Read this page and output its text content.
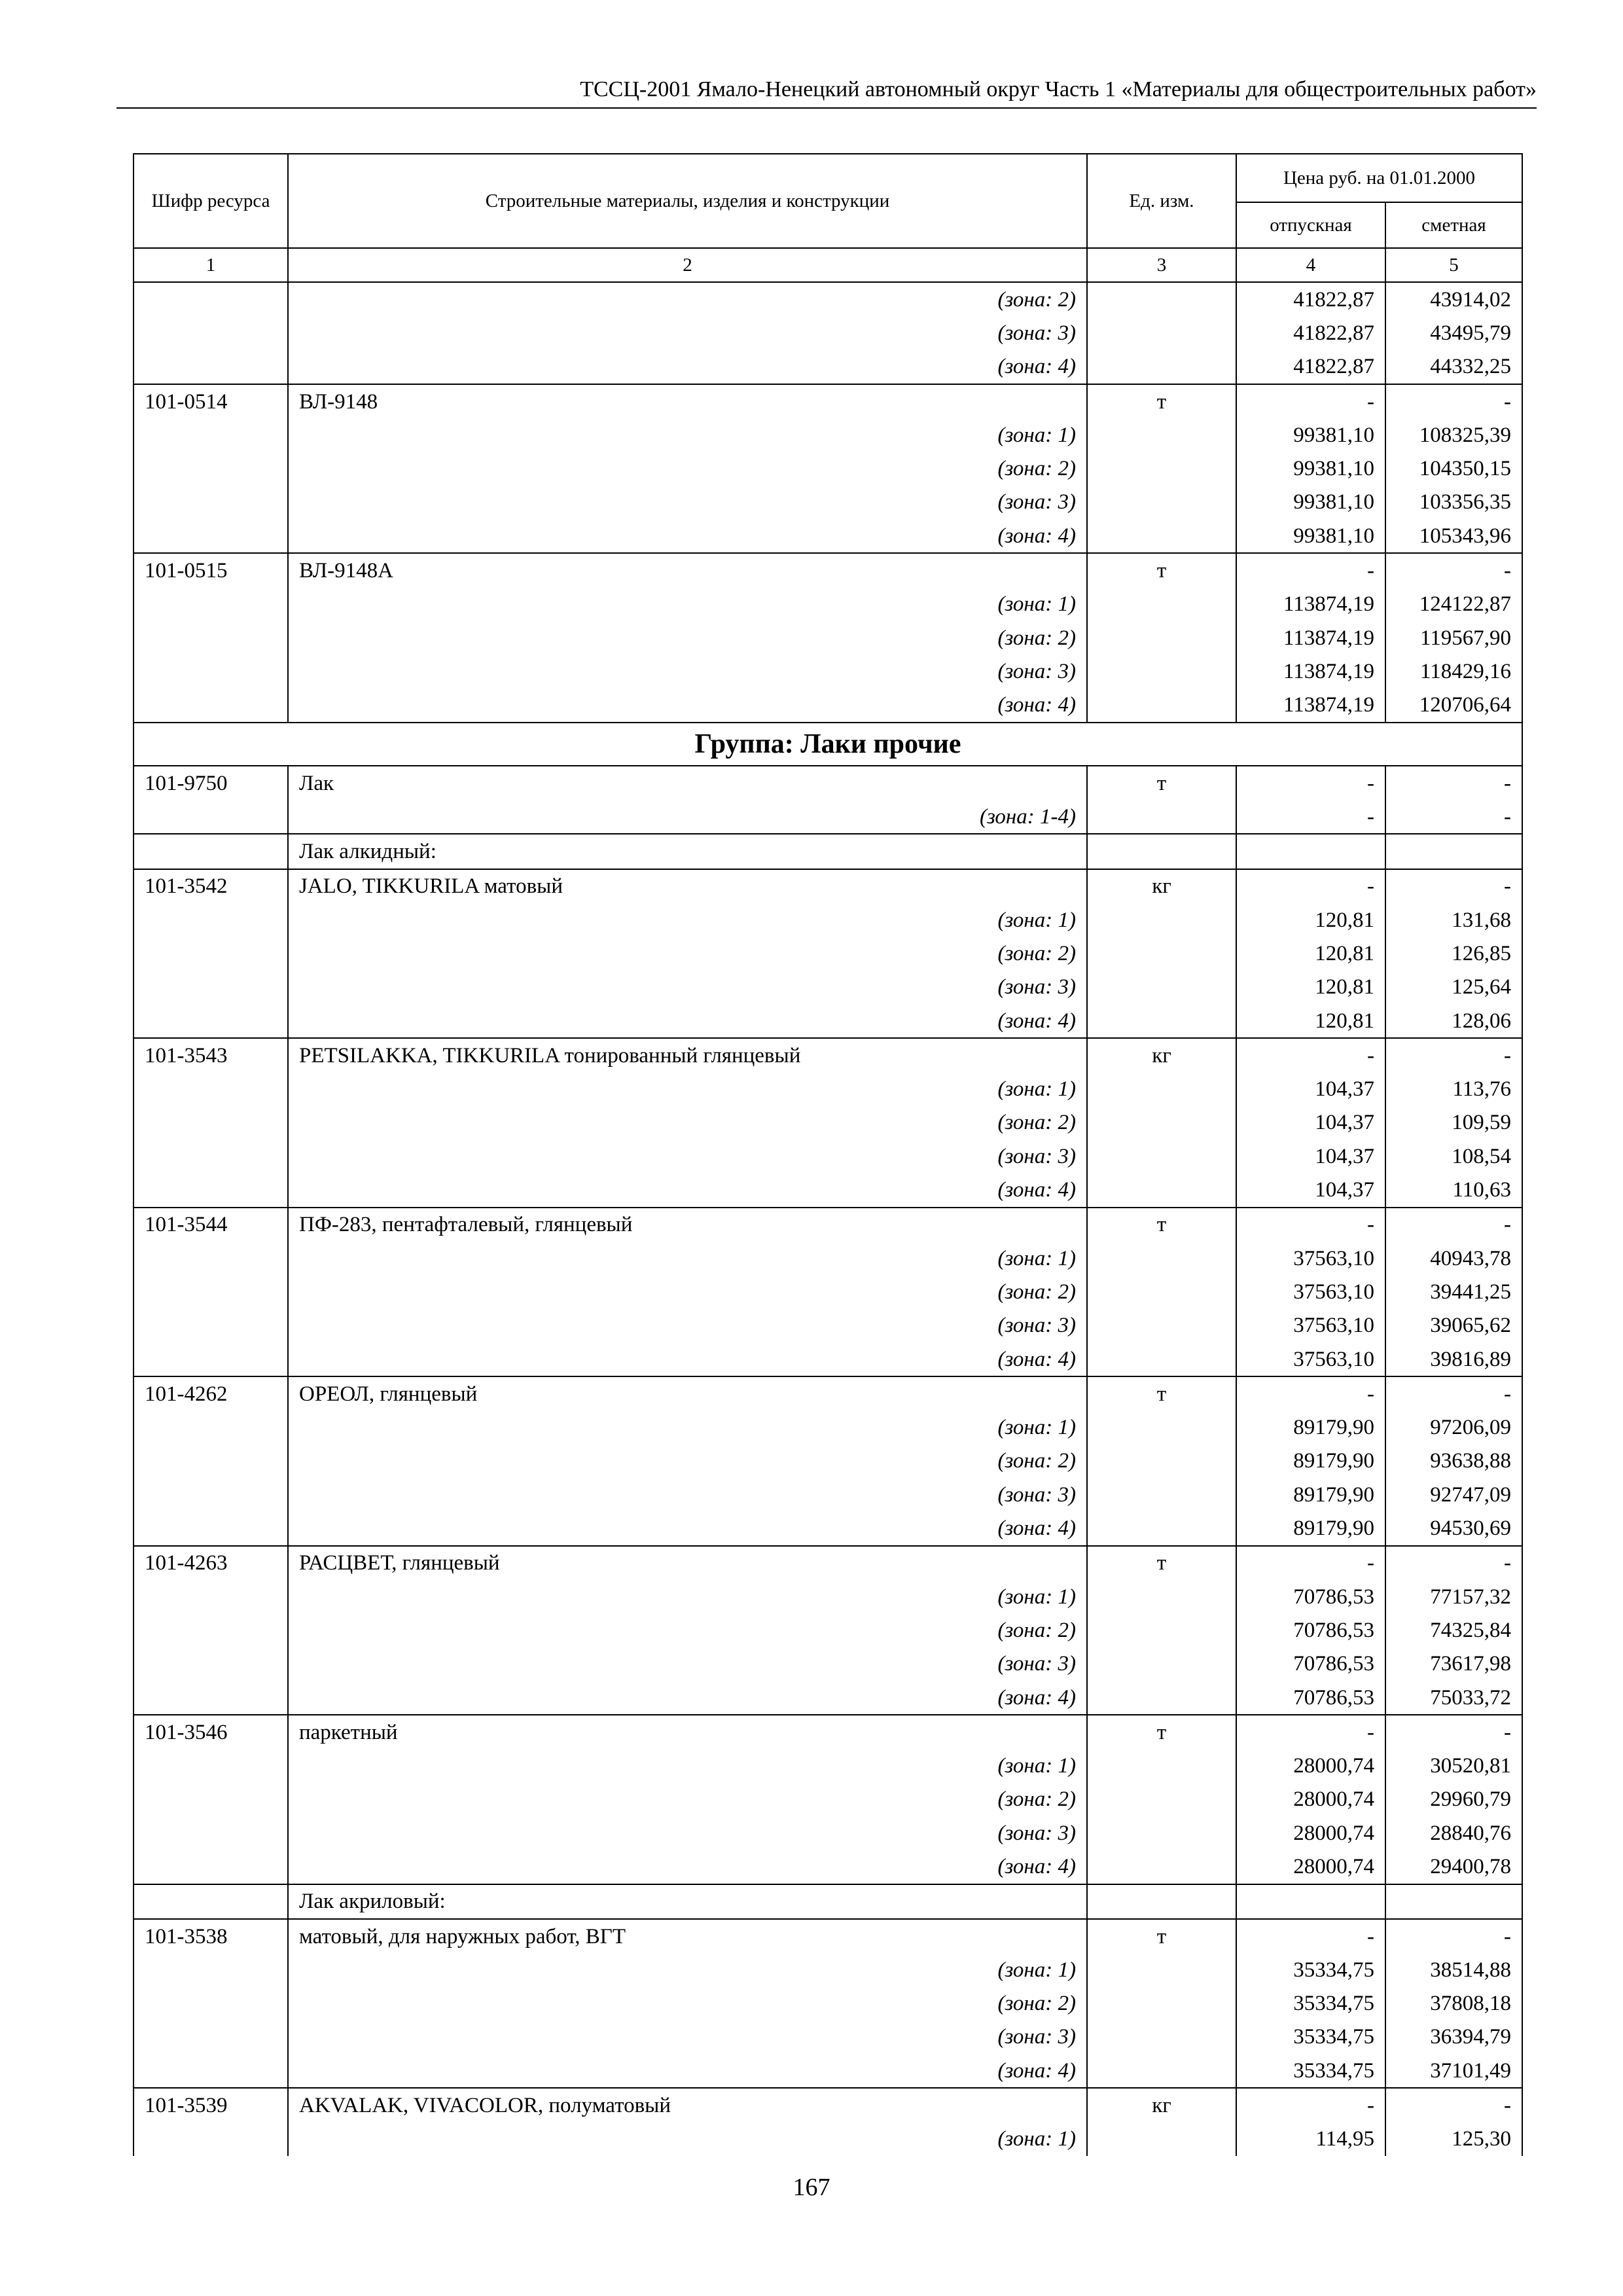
ТССЦ-2001 Ямало-Ненецкий автономный округ Часть 1 «Материалы для общестроительных работ»
Шифр ресурса	Строительные материалы, изделия и конструкции	Ед. изм.	Цена руб. на 01.01.2000	
			отпускная	сметная
1	2	3	4	5
	(зона: 2)		41822,87	43914,02
	(зона: 3)		41822,87	43495,79
	(зона: 4)		41822,87	44332,25
101-0514	ВЛ-9148	т	-	-
	(зона: 1)		99381,10	108325,39
	(зона: 2)		99381,10	104350,15
	(зона: 3)		99381,10	103356,35
	(зона: 4)		99381,10	105343,96
101-0515	ВЛ-9148А	т	-	-
	(зона: 1)		113874,19	124122,87
	(зона: 2)		113874,19	119567,90
	(зона: 3)		113874,19	118429,16
	(зона: 4)		113874,19	120706,64
Группа: Лаки прочие				
101-9750	Лак	т	-	-
	(зона: 1-4)		-	-
	Лак алкидный:			
101-3542	JALO, TIKKURILA матовый	кг	-	-
	(зона: 1)		120,81	131,68
	(зона: 2)		120,81	126,85
	(зона: 3)		120,81	125,64
	(зона: 4)		120,81	128,06
101-3543	PETSILAKKA, TIKKURILA тонированный глянцевый	кг	-	-
	(зона: 1)		104,37	113,76
	(зона: 2)		104,37	109,59
	(зона: 3)		104,37	108,54
	(зона: 4)		104,37	110,63
101-3544	ПФ-283, пентафталевый, глянцевый	т	-	-
	(зона: 1)		37563,10	40943,78
	(зона: 2)		37563,10	39441,25
	(зона: 3)		37563,10	39065,62
	(зона: 4)		37563,10	39816,89
101-4262	ОРЕОЛ, глянцевый	т	-	-
	(зона: 1)		89179,90	97206,09
	(зона: 2)		89179,90	93638,88
	(зона: 3)		89179,90	92747,09
	(зона: 4)		89179,90	94530,69
101-4263	РАСЦВЕТ, глянцевый	т	-	-
	(зона: 1)		70786,53	77157,32
	(зона: 2)		70786,53	74325,84
	(зона: 3)		70786,53	73617,98
	(зона: 4)		70786,53	75033,72
101-3546	паркетный	т	-	-
	(зона: 1)		28000,74	30520,81
	(зона: 2)		28000,74	29960,79
	(зона: 3)		28000,74	28840,76
	(зона: 4)		28000,74	29400,78
	Лак акриловый:			
101-3538	матовый, для наружных работ, ВГТ	т	-	-
	(зона: 1)		35334,75	38514,88
	(зона: 2)		35334,75	37808,18
	(зона: 3)		35334,75	36394,79
	(зона: 4)		35334,75	37101,49
101-3539	AKVALAK, VIVACOLOR, полуматовый	кг	-	-
	(зона: 1)		114,95	125,30
167
